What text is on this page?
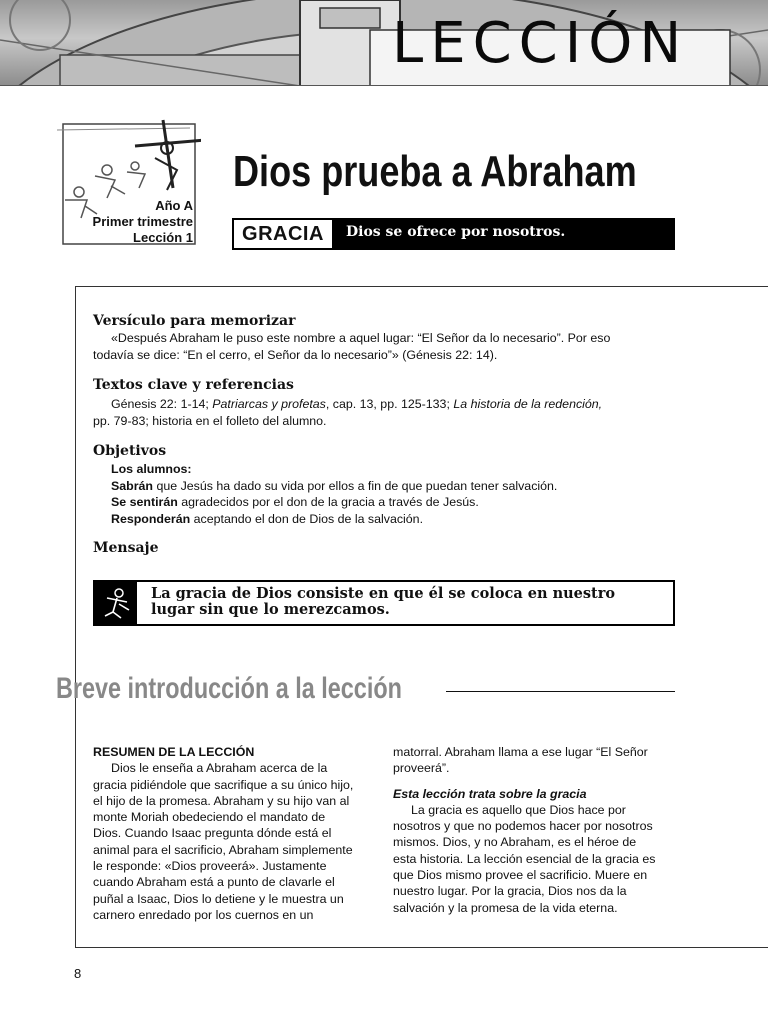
LECCIÓN
Año A
Primer trimestre
Lección 1
Dios prueba a Abraham
GRACIA	Dios se ofrece por nosotros.
Versículo para memorizar
«Después Abraham le puso este nombre a aquel lugar: “El Señor da lo necesario”. Por eso
todavía se dice: “En el cerro, el Señor da lo necesario”» (Génesis 22: 14).
Textos clave y referencias
Génesis 22: 1-14; Patriarcas y profetas, cap. 13, pp. 125-133; La historia de la redención,
pp. 79-83; historia en el folleto del alumno.
Objetivos
Los alumnos:
Sabrán que Jesús ha dado su vida por ellos a fin de que puedan tener salvación.
Se sentirán agradecidos por el don de la gracia a través de Jesús.
Responderán aceptando el don de Dios de la salvación.
Mensaje
La gracia de Dios consiste en que él se coloca en nuestro
lugar sin que lo merezcamos.
Breve introducción a la lección
RESUMEN DE LA LECCIÓN
Dios le enseña a Abraham acerca de la
gracia pidiéndole que sacrifique a su único hijo,
el hijo de la promesa. Abraham y su hijo van al
monte Moriah obedeciendo el mandato de
Dios. Cuando Isaac pregunta dónde está el
animal para el sacrificio, Abraham simplemente
le responde: «Dios proveerá». Justamente
cuando Abraham está a punto de clavarle el
puñal a Isaac, Dios lo detiene y le muestra un
carnero enredado por los cuernos en un
matorral. Abraham llama a ese lugar “El Señor
proveerá”.
Esta lección trata sobre la gracia
La gracia es aquello que Dios hace por
nosotros y que no podemos hacer por nosotros
mismos. Dios, y no Abraham, es el héroe de
esta historia. La lección esencial de la gracia es
que Dios mismo provee el sacrificio. Muere en
nuestro lugar. Por la gracia, Dios nos da la
salvación y la promesa de la vida eterna.
8
